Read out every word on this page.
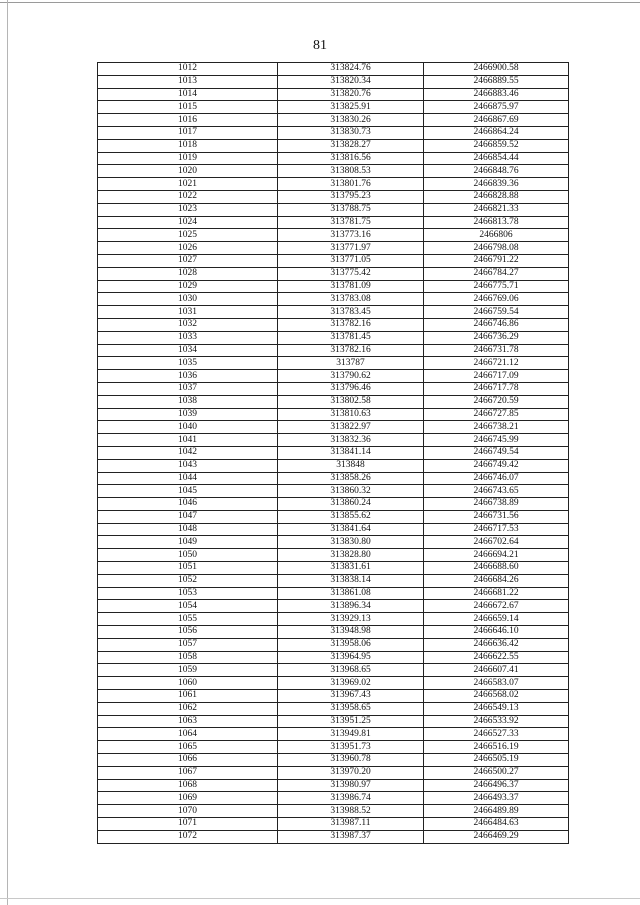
81
1012	313824.76	2466900.58
1013	313820.34	2466889.55
1014	313820.76	2466883.46
1015	313825.91	2466875.97
1016	313830.26	2466867.69
1017	313830.73	2466864.24
1018	313828.27	2466859.52
1019	313816.56	2466854.44
1020	313808.53	2466848.76
1021	313801.76	2466839.36
1022	313795.23	2466828.88
1023	313788.75	2466821.33
1024	313781.75	2466813.78
1025	313773.16	2466806
1026	313771.97	2466798.08
1027	313771.05	2466791.22
1028	313775.42	2466784.27
1029	313781.09	2466775.71
1030	313783.08	2466769.06
1031	313783.45	2466759.54
1032	313782.16	2466746.86
1033	313781.45	2466736.29
1034	313782.16	2466731.78
1035	313787	2466721.12
1036	313790.62	2466717.09
1037	313796.46	2466717.78
1038	313802.58	2466720.59
1039	313810.63	2466727.85
1040	313822.97	2466738.21
1041	313832.36	2466745.99
1042	313841.14	2466749.54
1043	313848	2466749.42
1044	313858.26	2466746.07
1045	313860.32	2466743.65
1046	313860.24	2466738.89
1047	313855.62	2466731.56
1048	313841.64	2466717.53
1049	313830.80	2466702.64
1050	313828.80	2466694.21
1051	313831.61	2466688.60
1052	313838.14	2466684.26
1053	313861.08	2466681.22
1054	313896.34	2466672.67
1055	313929.13	2466659.14
1056	313948.98	2466646.10
1057	313958.06	2466636.42
1058	313964.95	2466622.55
1059	313968.65	2466607.41
1060	313969.02	2466583.07
1061	313967.43	2466568.02
1062	313958.65	2466549.13
1063	313951.25	2466533.92
1064	313949.81	2466527.33
1065	313951.73	2466516.19
1066	313960.78	2466505.19
1067	313970.20	2466500.27
1068	313980.97	2466496.37
1069	313986.74	2466493.37
1070	313988.52	2466489.89
1071	313987.11	2466484.63
1072	313987.37	2466469.29
